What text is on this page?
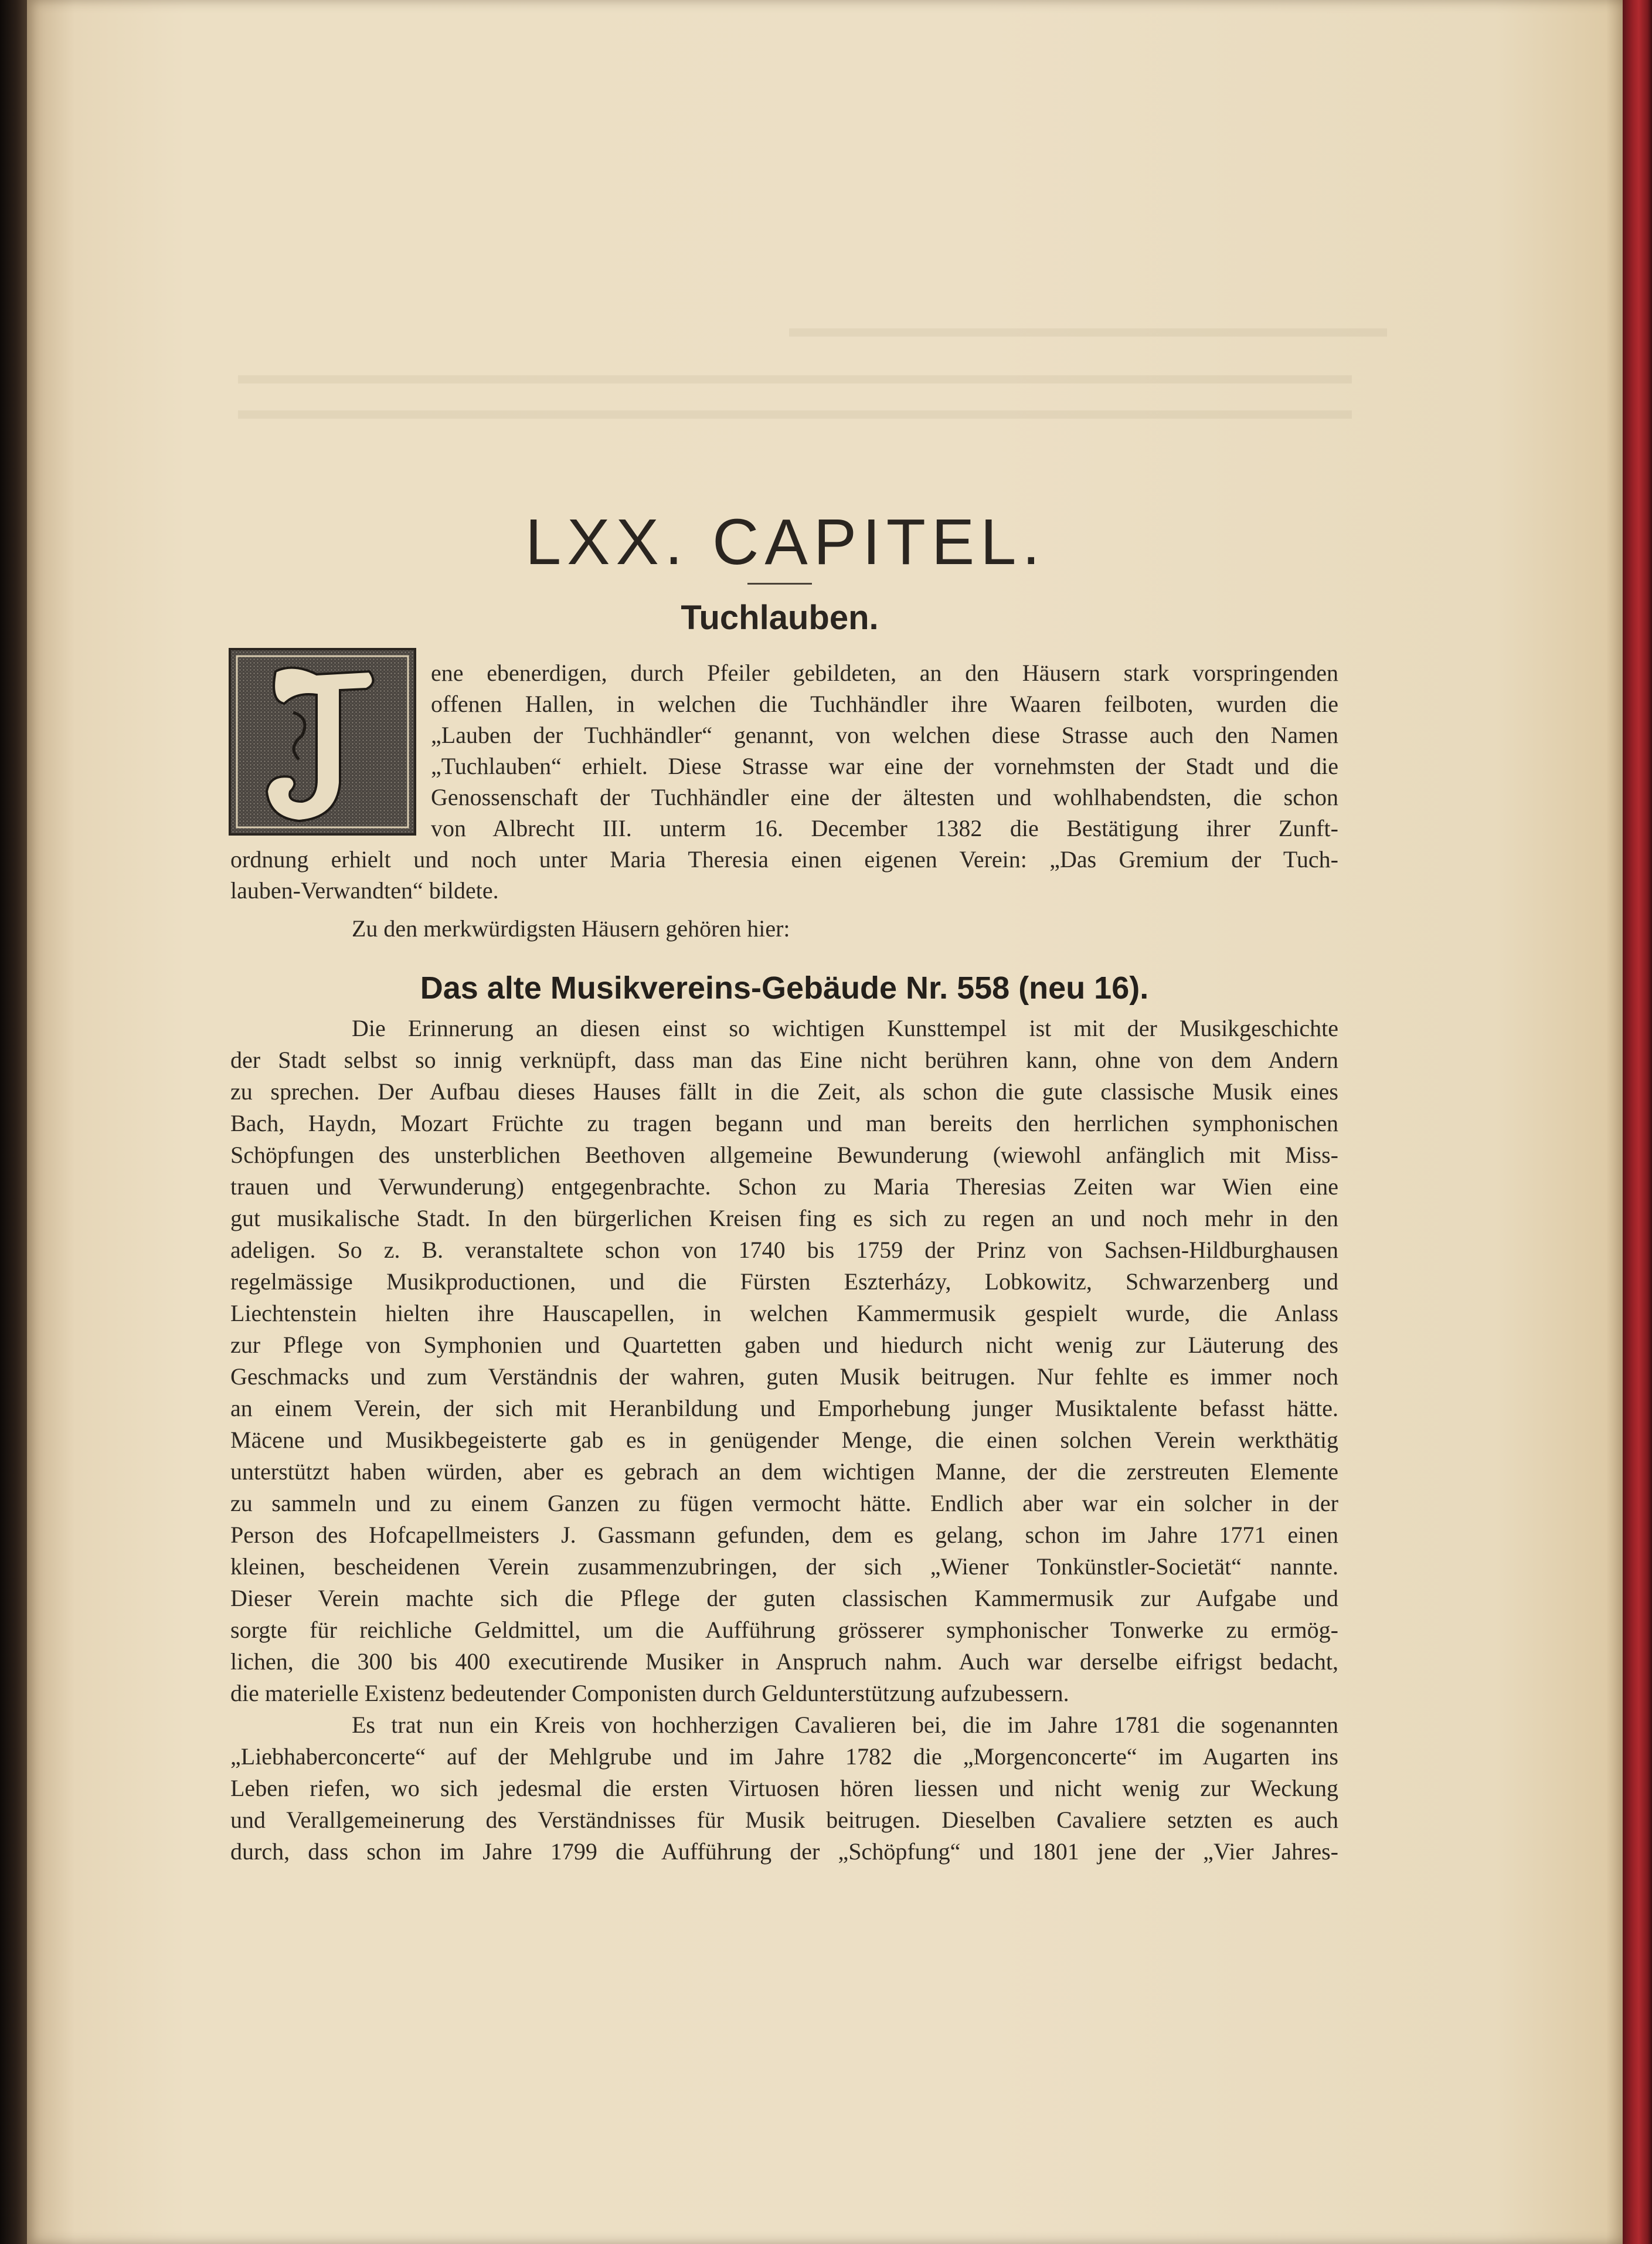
LXX. CAPITEL.
Tuchlauben.

ene ebenerdigen, durch Pfeiler gebildeten, an den Häusern stark vorspringenden

offenen Hallen, in welchen die Tuchhändler ihre Waaren feilboten, wurden die

„Lauben der Tuchhändler“ genannt, von welchen diese Strasse auch den Namen

„Tuchlauben“ erhielt. Diese Strasse war eine der vornehmsten der Stadt und die

Genossenschaft der Tuchhändler eine der ältesten und wohlhabendsten, die schon

von Albrecht III. unterm 16. December 1382 die Bestätigung ihrer Zunft-

ordnung erhielt und noch unter Maria Theresia einen eigenen Verein: „Das Gremium der Tuch-

lauben-Verwandten“ bildete.

Zu den merkwürdigsten Häusern gehören hier:

Das alte Musikvereins-Gebäude Nr. 558 (neu 16).

Die Erinnerung an diesen einst so wichtigen Kunsttempel ist mit der Musikgeschichte

der Stadt selbst so innig verknüpft, dass man das Eine nicht berühren kann, ohne von dem Andern

zu sprechen. Der Aufbau dieses Hauses fällt in die Zeit, als schon die gute classische Musik eines

Bach, Haydn, Mozart Früchte zu tragen begann und man bereits den herrlichen symphonischen

Schöpfungen des unsterblichen Beethoven allgemeine Bewunderung (wiewohl anfänglich mit Miss-

trauen und Verwunderung) entgegenbrachte. Schon zu Maria Theresias Zeiten war Wien eine

gut musikalische Stadt. In den bürgerlichen Kreisen fing es sich zu regen an und noch mehr in den

adeligen. So z. B. veranstaltete schon von 1740 bis 1759 der Prinz von Sachsen-Hildburghausen

regelmässige Musikproductionen, und die Fürsten Eszterházy, Lobkowitz, Schwarzenberg und

Liechtenstein hielten ihre Hauscapellen, in welchen Kammermusik gespielt wurde, die Anlass

zur Pflege von Symphonien und Quartetten gaben und hiedurch nicht wenig zur Läuterung des

Geschmacks und zum Verständnis der wahren, guten Musik beitrugen. Nur fehlte es immer noch

an einem Verein, der sich mit Heranbildung und Emporhebung junger Musiktalente befasst hätte.

Mäcene und Musikbegeisterte gab es in genügender Menge, die einen solchen Verein werkthätig

unterstützt haben würden, aber es gebrach an dem wichtigen Manne, der die zerstreuten Elemente

zu sammeln und zu einem Ganzen zu fügen vermocht hätte. Endlich aber war ein solcher in der

Person des Hofcapellmeisters J. Gassmann gefunden, dem es gelang, schon im Jahre 1771 einen

kleinen, bescheidenen Verein zusammenzubringen, der sich „Wiener Tonkünstler-Societät“ nannte.

Dieser Verein machte sich die Pflege der guten classischen Kammermusik zur Aufgabe und

sorgte für reichliche Geldmittel, um die Aufführung grösserer symphonischer Tonwerke zu ermög-

lichen, die 300 bis 400 executirende Musiker in Anspruch nahm. Auch war derselbe eifrigst bedacht,

die materielle Existenz bedeutender Componisten durch Geldunterstützung aufzubessern.

Es trat nun ein Kreis von hochherzigen Cavalieren bei, die im Jahre 1781 die sogenannten

„Liebhaberconcerte“ auf der Mehlgrube und im Jahre 1782 die „Morgenconcerte“ im Augarten ins

Leben riefen, wo sich jedesmal die ersten Virtuosen hören liessen und nicht wenig zur Weckung

und Verallgemeinerung des Verständnisses für Musik beitrugen. Dieselben Cavaliere setzten es auch

durch, dass schon im Jahre 1799 die Aufführung der „Schöpfung“ und 1801 jene der „Vier Jahres-
